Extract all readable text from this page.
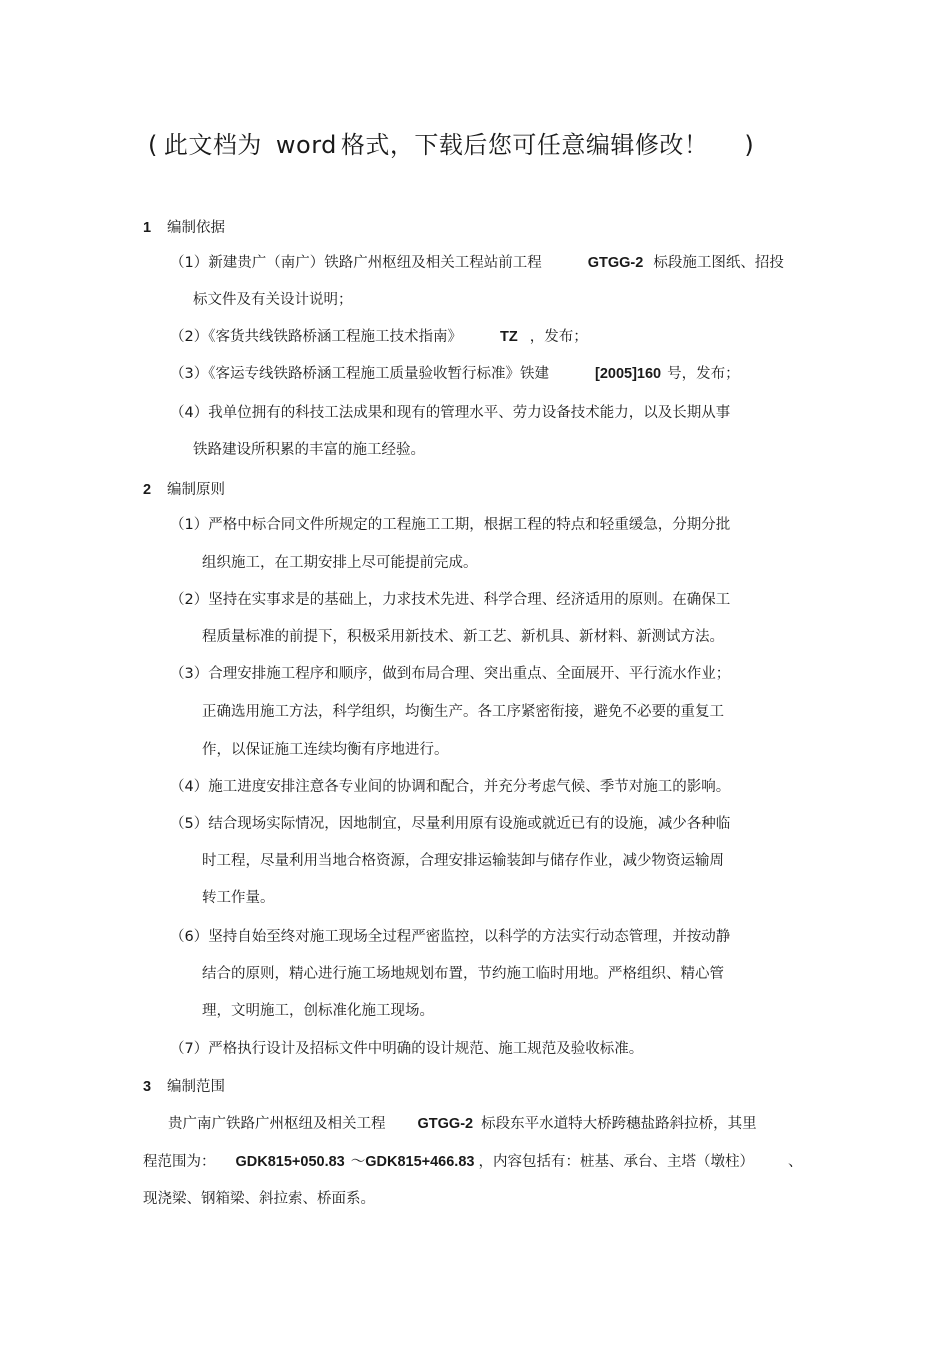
( 此文档为 word 格式，下载后您可任意编辑修改！ )
1 编制依据
（1）新建贵广（南广）铁路广州枢纽及相关工程站前工程	GTGG-2 标段施工图纸、招投
标文件及有关设计说明；
（2）《客货共线铁路桥涵工程施工技术指南》	TZ ，发布；
（3）《客运专线铁路桥涵工程施工质量验收暂行标准》铁建	[2005]160 号，发布；
（4）我单位拥有的科技工法成果和现有的管理水平、劳力设备技术能力，以及长期从事
铁路建设所积累的丰富的施工经验。
2 编制原则
（1）严格中标合同文件所规定的工程施工工期，根据工程的特点和轻重缓急，分期分批
组织施工，在工期安排上尽可能提前完成。
（2）坚持在实事求是的基础上，力求技术先进、科学合理、经济适用的原则。在确保工
程质量标准的前提下，积极采用新技术、新工艺、新机具、新材料、新测试方法。
（3）合理安排施工程序和顺序，做到布局合理、突出重点、全面展开、平行流水作业；
正确选用施工方法，科学组织，均衡生产。各工序紧密衔接，避免不必要的重复工
作，以保证施工连续均衡有序地进行。
（4）施工进度安排注意各专业间的协调和配合，并充分考虑气候、季节对施工的影响。
（5）结合现场实际情况，因地制宜，尽量利用原有设施或就近已有的设施，减少各种临
时工程，尽量利用当地合格资源，合理安排运输装卸与储存作业，减少物资运输周
转工作量。
（6）坚持自始至终对施工现场全过程严密监控，以科学的方法实行动态管理，并按动静
结合的原则，精心进行施工场地规划布置，节约施工临时用地。严格组织、精心管
理，文明施工，创标准化施工现场。
（7）严格执行设计及招标文件中明确的设计规范、施工规范及验收标准。
3 编制范围
贵广南广铁路广州枢纽及相关工程 GTGG-2 标段东平水道特大桥跨穗盐路斜拉桥，其里
程范围为： GDK815+050.83 ～GDK815+466.83 ，内容包括有：桩基、承台、主塔（墩柱） 、
现浇梁、钢箱梁、斜拉索、桥面系。
